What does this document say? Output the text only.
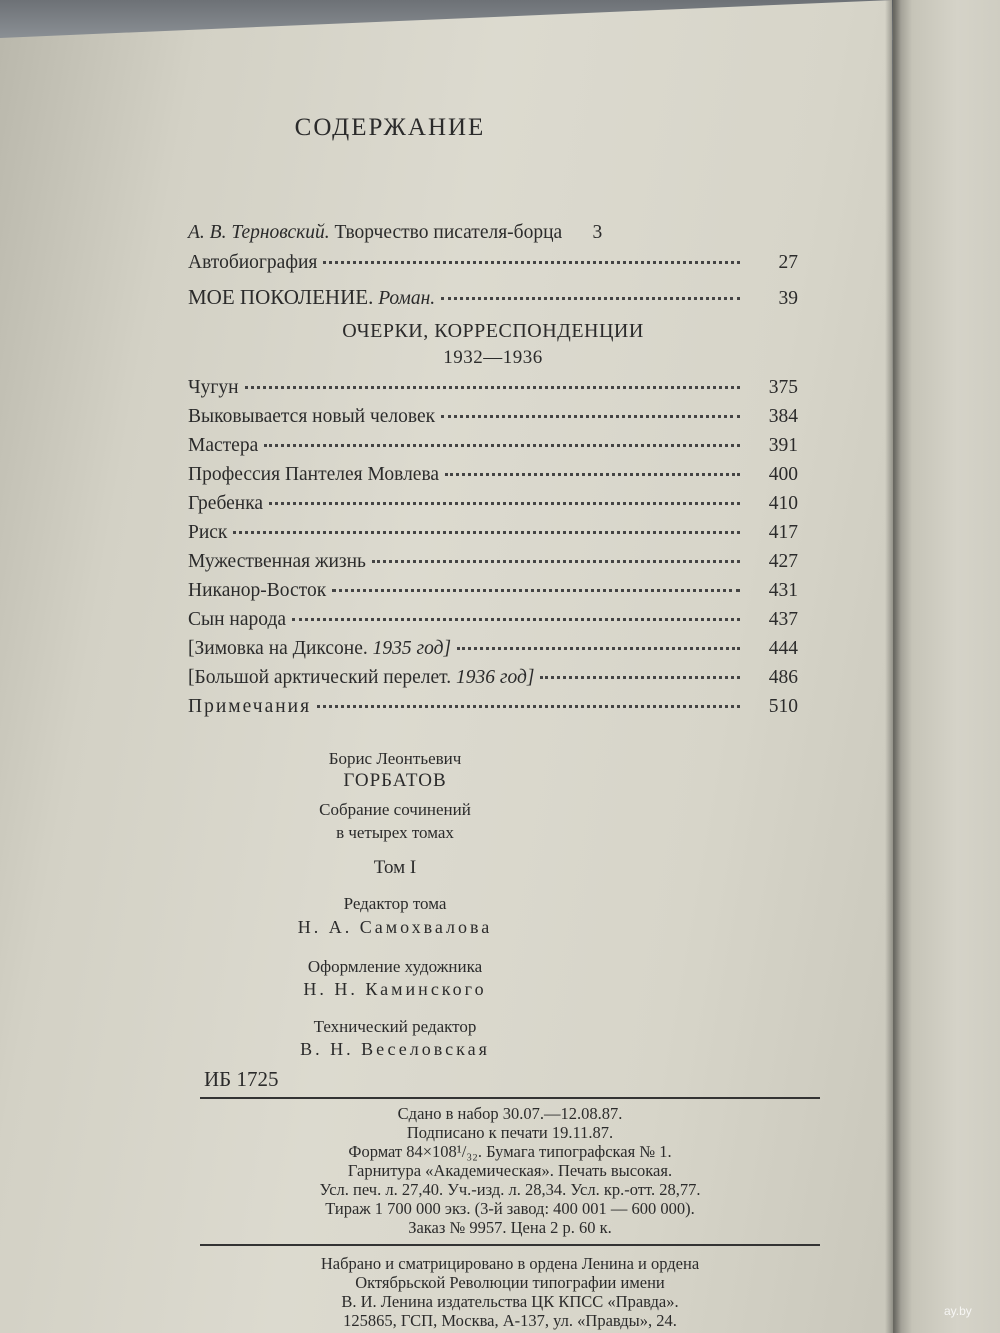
СОДЕРЖАНИЕ
А. В. Терновский. Творчество писателя-борца	3
Автобиография	27
МОЕ ПОКОЛЕНИЕ. Роман.	39
ОЧЕРКИ, КОРРЕСПОНДЕНЦИИ
1932—1936
Чугун	375
Выковывается новый человек	384
Мастера	391
Профессия Пантелея Мовлева	400
Гребенка	410
Риск	417
Мужественная жизнь	427
Никанор-Восток	431
Сын народа	437
[Зимовка на Диксоне. 1935 год]	444
[Большой арктический перелет. 1936 год]	486
Примечания	510
Борис Леонтьевич
ГОРБАТОВ
Собрание сочинений
в четырех томах
Том I
Редактор тома
Н. А. Самохвалова
Оформление художника
Н. Н. Каминского
Технический редактор
В. Н. Веселовская
ИБ 1725
Сдано в набор 30.07.—12.08.87.
Подписано к печати 19.11.87.
Формат 84×108¹/₃₂. Бумага типографская № 1.
Гарнитура «Академическая». Печать высокая.
Усл. печ. л. 27,40. Уч.-изд. л. 28,34. Усл. кр.-отт. 28,77.
Тираж 1 700 000 экз. (3-й завод: 400 001 — 600 000).
Заказ № 9957. Цена 2 р. 60 к.
Набрано и сматрицировано в ордена Ленина и ордена
Октябрьской Революции типографии имени
В. И. Ленина издательства ЦК КПСС «Правда».
125865, ГСП, Москва, А-137, ул. «Правды», 24.	ay.by
